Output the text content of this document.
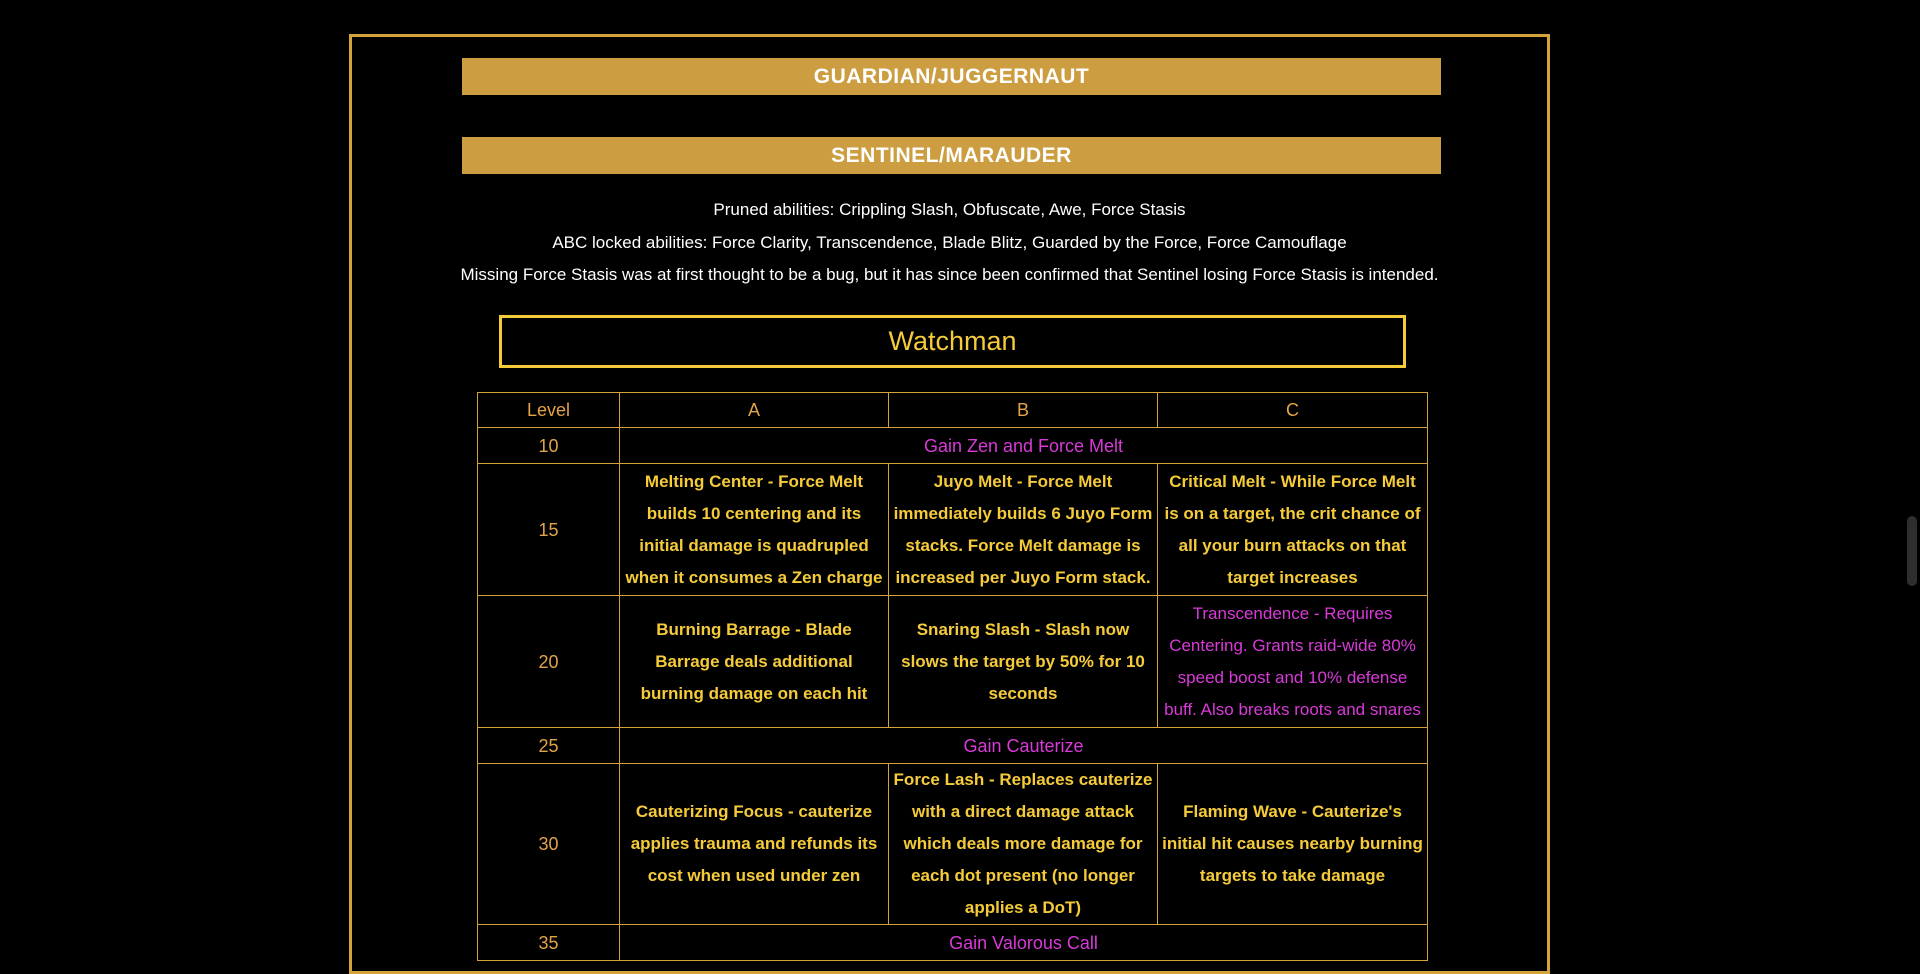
GUARDIAN/JUGGERNAUT
SENTINEL/MARAUDER
Pruned abilities: Crippling Slash, Obfuscate, Awe, Force Stasis
ABC locked abilities: Force Clarity, Transcendence, Blade Blitz, Guarded by the Force, Force Camouflage
Missing Force Stasis was at first thought to be a bug, but it has since been confirmed that Sentinel losing Force Stasis is intended.
Watchman
Level	A	B	C
10	Gain Zen and Force Melt		
15	Melting Center - Force Melt builds 10 centering and its initial damage is quadrupled when it consumes a Zen charge	Juyo Melt - Force Melt immediately builds 6 Juyo Form stacks. Force Melt damage is increased per Juyo Form stack.	Critical Melt - While Force Melt is on a target, the crit chance of all your burn attacks on that target increases
20	Burning Barrage - Blade Barrage deals additional burning damage on each hit	Snaring Slash - Slash now slows the target by 50% for 10 seconds	Transcendence - Requires Centering. Grants raid-wide 80% speed boost and 10% defense buff. Also breaks roots and snares
25	Gain Cauterize		
30	Cauterizing Focus - cauterize applies trauma and refunds its cost when used under zen	Force Lash - Replaces cauterize with a direct damage attack which deals more damage for each dot present (no longer applies a DoT)	Flaming Wave - Cauterize's initial hit causes nearby burning targets to take damage
35	Gain Valorous Call		
